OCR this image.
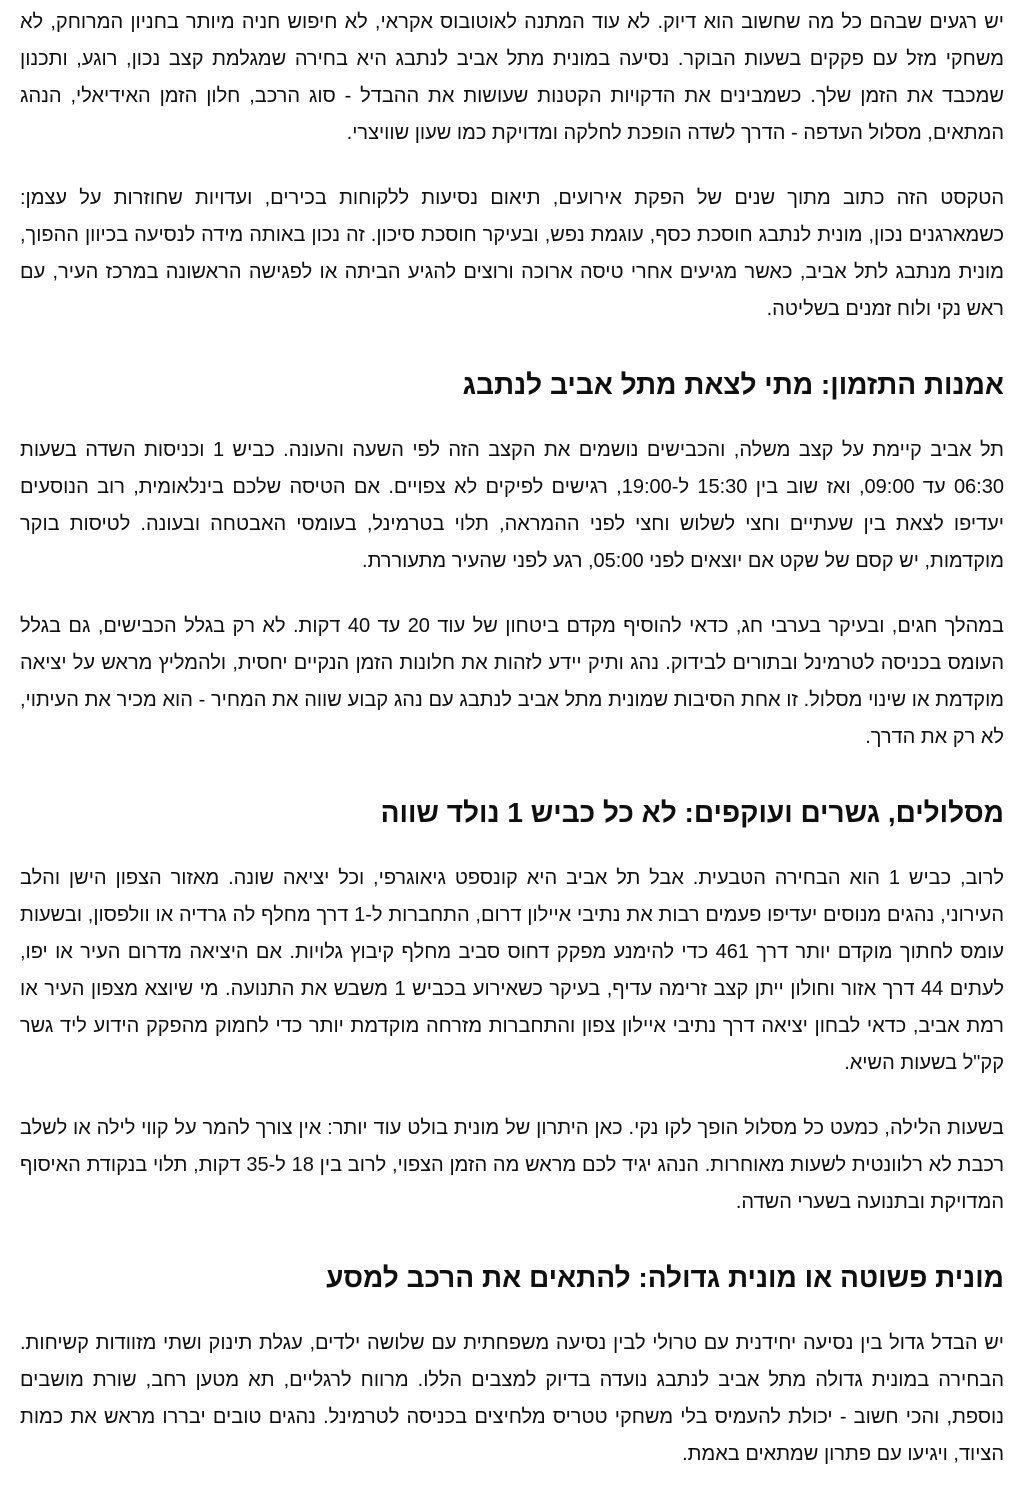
יש רגעים שבהם כל מה שחשוב הוא דיוק. לא עוד המתנה לאוטובוס אקראי, לא חיפוש חניה מיותר בחניון המרוחק, לא משחקי מזל עם פקקים בשעות הבוקר. נסיעה במונית מתל אביב לנתבג היא בחירה שמגלמת קצב נכון, רוגע, ותכנון שמכבד את הזמן שלך. כשמבינים את הדקויות הקטנות שעושות את ההבדל - סוג הרכב, חלון הזמן האידיאלי, הנהג המתאים, מסלול העדפה - הדרך לשדה הופכת לחלקה ומדויקת כמו שעון שוויצרי.

הטקסט הזה כתוב מתוך שנים של הפקת אירועים, תיאום נסיעות ללקוחות בכירים, ועדויות שחוזרות על עצמן: כשמארגנים נכון, מונית לנתבג חוסכת כסף, עוגמת נפש, ובעיקר חוסכת סיכון. זה נכון באותה מידה לנסיעה בכיוון ההפוך, מונית מנתבג לתל אביב, כאשר מגיעים אחרי טיסה ארוכה ורוצים להגיע הביתה או לפגישה הראשונה במרכז העיר, עם ראש נקי ולוח זמנים בשליטה.

אמנות התזמון: מתי לצאת מתל אביב לנתבג

תל אביב קיימת על קצב משלה, והכבישים נושמים את הקצב הזה לפי השעה והעונה. כביש 1 וכניסות השדה בשעות 06:30 עד 09:00, ואז שוב בין 15:30 ל-19:00, רגישים לפיקים לא צפויים. אם הטיסה שלכם בינלאומית, רוב הנוסעים יעדיפו לצאת בין שעתיים וחצי לשלוש וחצי לפני ההמראה, תלוי בטרמינל, בעומסי האבטחה ובעונה. לטיסות בוקר מוקדמות, יש קסם של שקט אם יוצאים לפני 05:00, רגע לפני שהעיר מתעוררת.

במהלך חגים, ובעיקר בערבי חג, כדאי להוסיף מקדם ביטחון של עוד 20 עד 40 דקות. לא רק בגלל הכבישים, גם בגלל העומס בכניסה לטרמינל ובתורים לבידוק. נהג ותיק יידע לזהות את חלונות הזמן הנקיים יחסית, ולהמליץ מראש על יציאה מוקדמת או שינוי מסלול. זו אחת הסיבות שמונית מתל אביב לנתבג עם נהג קבוע שווה את המחיר - הוא מכיר את העיתוי, לא רק את הדרך.

מסלולים, גשרים ועוקפים: לא כל כביש 1 נולד שווה

לרוב, כביש 1 הוא הבחירה הטבעית. אבל תל אביב היא קונספט גיאוגרפי, וכל יציאה שונה. מאזור הצפון הישן והלב העירוני, נהגים מנוסים יעדיפו פעמים רבות את נתיבי איילון דרום, התחברות ל-1 דרך מחלף לה גרדיה או וולפסון, ובשעות עומס לחתוך מוקדם יותר דרך 461 כדי להימנע מפקק דחוס סביב מחלף קיבוץ גלויות. אם היציאה מדרום העיר או יפו, לעתים 44 דרך אזור וחולון ייתן קצב זרימה עדיף, בעיקר כשאירוע בכביש 1 משבש את התנועה. מי שיוצא מצפון העיר או רמת אביב, כדאי לבחון יציאה דרך נתיבי איילון צפון והתחברות מזרחה מוקדמת יותר כדי לחמוק מהפקק הידוע ליד גשר קק"ל בשעות השיא.

בשעות הלילה, כמעט כל מסלול הופך לקו נקי. כאן היתרון של מונית בולט עוד יותר: אין צורך להמר על קווי לילה או לשלב רכבת לא רלוונטית לשעות מאוחרות. הנהג יגיד לכם מראש מה הזמן הצפוי, לרוב בין 18 ל-35 דקות, תלוי בנקודת האיסוף המדויקת ובתנועה בשערי השדה.

מונית פשוטה או מונית גדולה: להתאים את הרכב למסע

יש הבדל גדול בין נסיעה יחידנית עם טרולי לבין נסיעה משפחתית עם שלושה ילדים, עגלת תינוק ושתי מזוודות קשיחות. הבחירה במונית גדולה מתל אביב לנתבג נועדה בדיוק למצבים הללו. מרווח לרגליים, תא מטען רחב, שורת מושבים נוספת, והכי חשוב - יכולת להעמיס בלי משחקי טטריס מלחיצים בכניסה לטרמינל. נהגים טובים יבררו מראש את כמות הציוד, ויגיעו עם פתרון שמתאים באמת.
